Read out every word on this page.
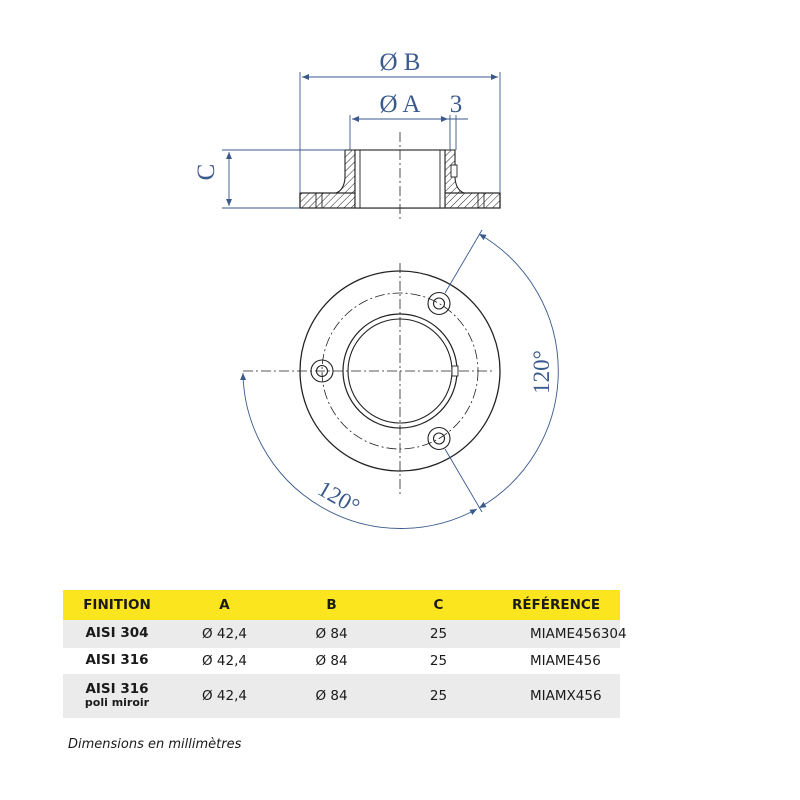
Ø B
Ø A 3
C
120°
120°
FINITION	A	B	C	RÉFÉRENCE
AISI 304	Ø 42,4	Ø 84	25	MIAME456304
AISI 316	Ø 42,4	Ø 84	25	MIAME456
AISI 316
poli miroir	Ø 42,4	Ø 84	25	MIAMX456
Dimensions en millimètres
